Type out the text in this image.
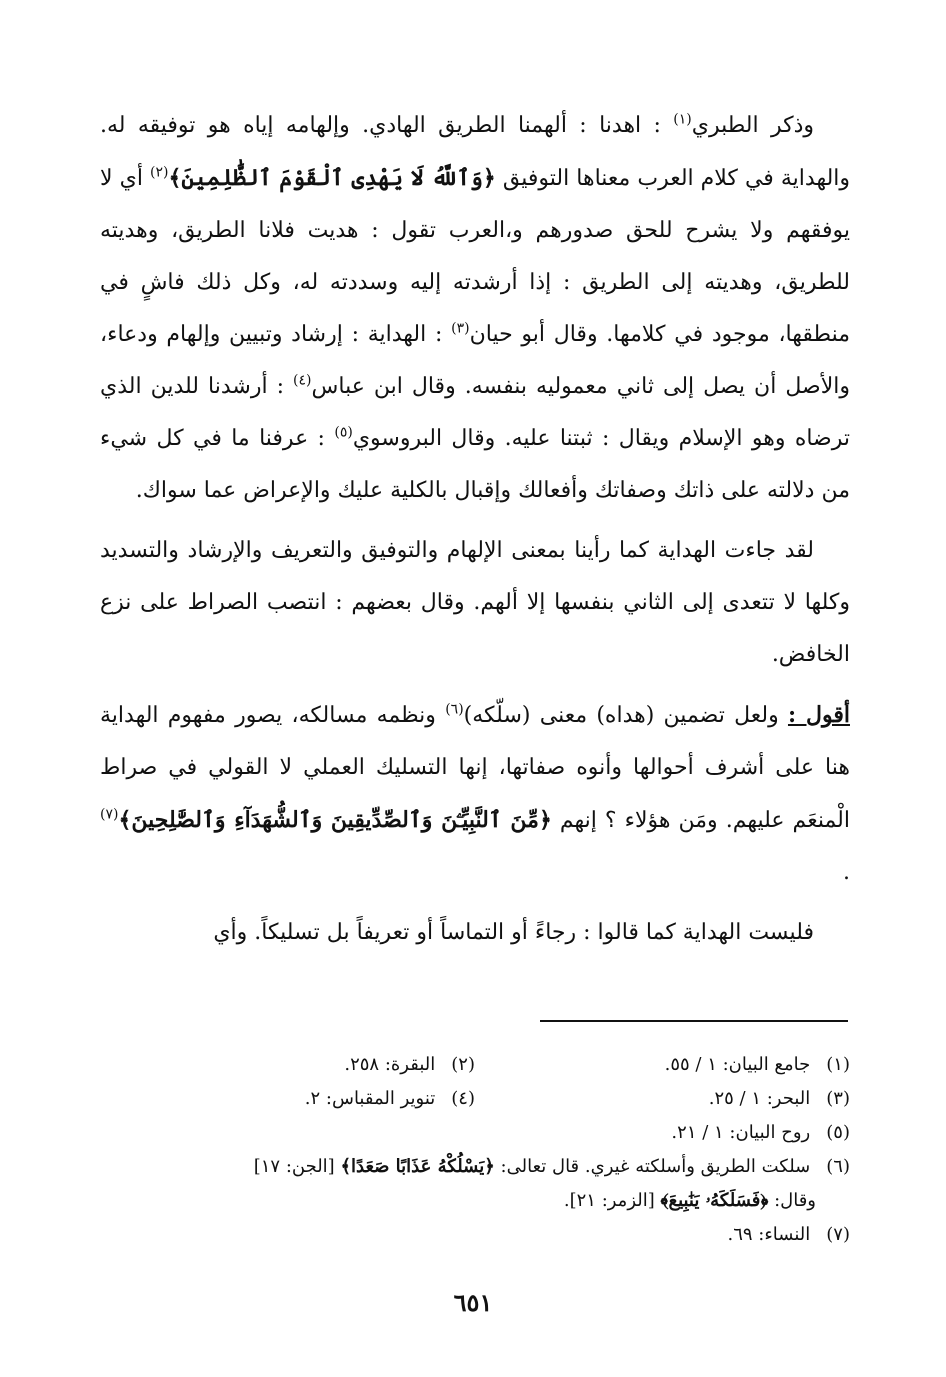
وذكر الطبري$^{(١)}$ : اهدنا : ألهمنا الطريق الهادي. وإلهامه إياه هو توفيقه له. والهداية في كلام العرب معناها التوفيق ﴿وَٱللَّهُ لَا يَهْدِى ٱلْقَوْمَ ٱلظَّٰلِمِينَ﴾$^{(٢)}$ أي لا يوفقهم ولا يشرح للحق صدورهم و،العرب تقول : هديت فلانا الطريق، وهديته للطريق، وهديته إلى الطريق : إذا أرشدته إليه وسددته له، وكل ذلك فاشٍ في منطقها، موجود في كلامها. وقال أبو حيان$^{(٣)}$ : الهداية : إرشاد وتبيين وإلهام ودعاء، والأصل أن يصل إلى ثاني معموليه بنفسه. وقال ابن عباس$^{(٤)}$ : أرشدنا للدين الذي ترضاه وهو الإسلام ويقال : ثبتنا عليه. وقال البروسوي$^{(٥)}$ : عرفنا ما في كل شيء من دلالته على ذاتك وصفاتك وأفعالك وإقبال بالكلية عليك والإعراض عما سواك.

لقد جاءت الهداية كما رأينا بمعنى الإلهام والتوفيق والتعريف والإرشاد والتسديد وكلها لا تتعدى إلى الثاني بنفسها إلا ألهم. وقال بعضهم : انتصب الصراط على نزع الخافض.

أقول : ولعل تضمين (هداه) معنى (سلّكه)$^{(٦)}$ ونظمه مسالكه، يصور مفهوم الهداية هنا على أشرف أحوالها وأنوه صفاتها، إنها التسليك العملي لا القولي في صراط الْمنعَم عليهم. ومَن هؤلاء ؟ إنهم ﴿مِّنَ ٱلنَّبِيِّـۧنَ وَٱلصِّدِّيقِينَ وَٱلشُّهَدَآءِ وَٱلصَّٰلِحِينَ﴾$^{(٧)}$ .

فليست الهداية كما قالوا : رجاءً أو التماساً أو تعريفاً بل تسليكاً. وأي

(١) جامع البيان: ١ / ٥٥.
(٢) البقرة: ٢٥٨.
(٣) البحر: ١ / ٢٥.
(٤) تنوير المقباس: ٢.
(٥) روح البيان: ١ / ٢١.
(٦) سلكت الطريق وأسلكته غيري. قال تعالى: ﴿يَسْلُكْهُ عَذَابًا صَعَدًا﴾ [الجن: ١٧]
وقال: ﴿فَسَلَكَهُۥ يَنَٰبِيعَ﴾ [الزمر: ٢١].
(٧) النساء: ٦٩.
٦٥١
